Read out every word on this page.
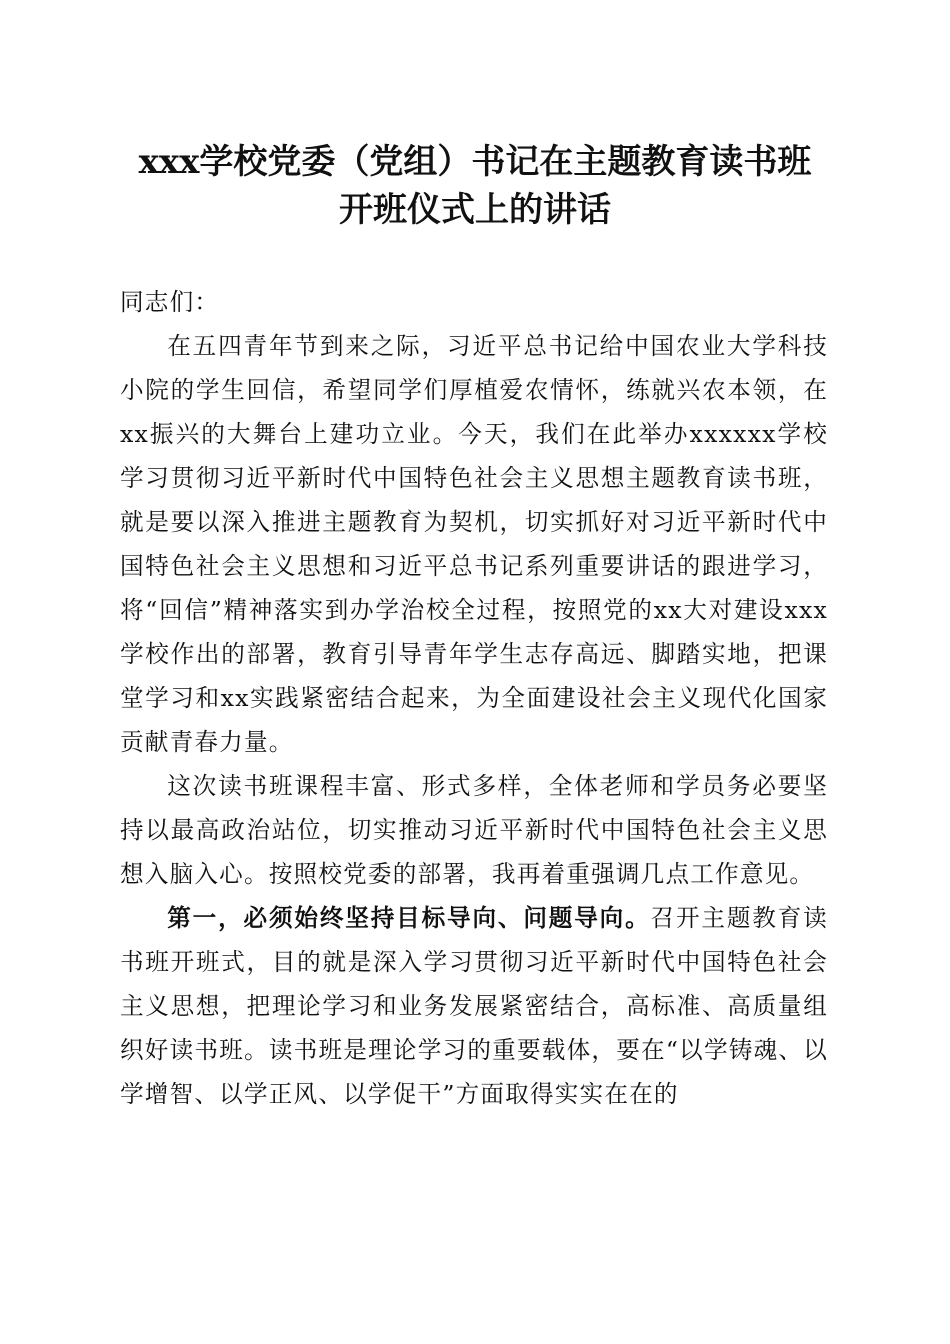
xxx学校党委（党组）书记在主题教育读书班
开班仪式上的讲话

同志们：

在五四青年节到来之际，习近平总书记给中国农业大学科技小院的学生回信，希望同学们厚植爱农情怀，练就兴农本领，在xx振兴的大舞台上建功立业。今天，我们在此举办xxxxxx学校学习贯彻习近平新时代中国特色社会主义思想主题教育读书班，就是要以深入推进主题教育为契机，切实抓好对习近平新时代中国特色社会主义思想和习近平总书记系列重要讲话的跟进学习，将“回信”精神落实到办学治校全过程，按照党的xx大对建设xxx学校作出的部署，教育引导青年学生志存高远、脚踏实地，把课堂学习和xx实践紧密结合起来，为全面建设社会主义现代化国家贡献青春力量。

这次读书班课程丰富、形式多样，全体老师和学员务必要坚持以最高政治站位，切实推动习近平新时代中国特色社会主义思想入脑入心。按照校党委的部署，我再着重强调几点工作意见。

第一，必须始终坚持目标导向、问题导向。召开主题教育读书班开班式，目的就是深入学习贯彻习近平新时代中国特色社会主义思想，把理论学习和业务发展紧密结合，高标准、高质量组织好读书班。读书班是理论学习的重要载体，要在“以学铸魂、以学增智、以学正风、以学促干”方面取得实实在在的
